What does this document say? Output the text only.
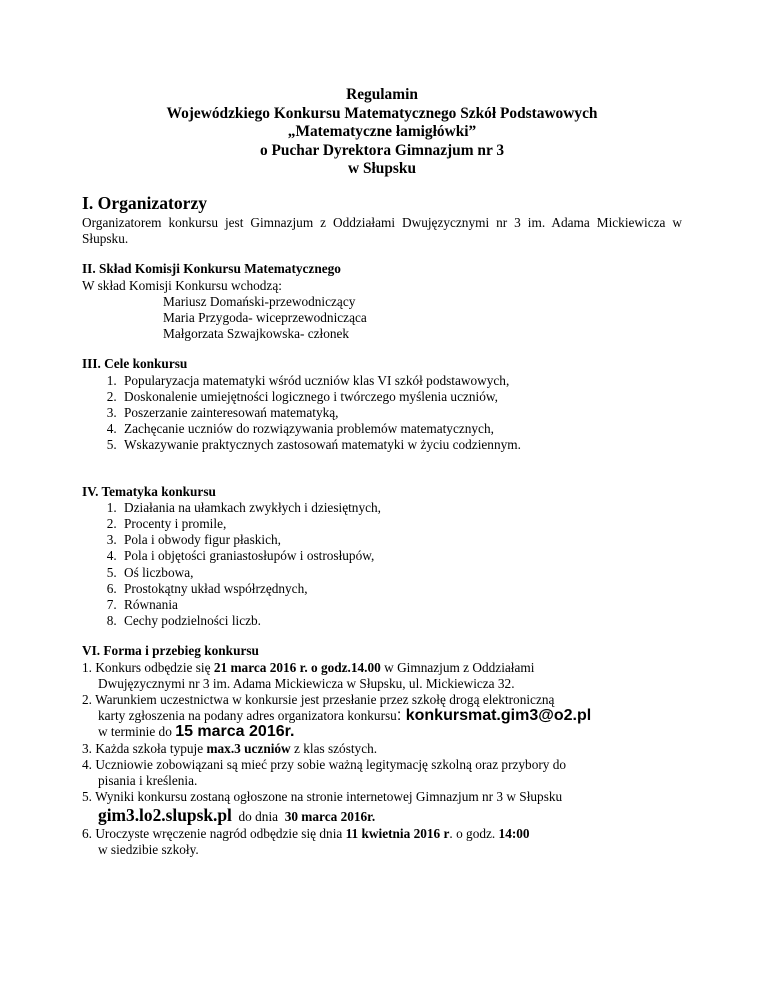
Regulamin
Wojewódzkiego Konkursu Matematycznego Szkół Podstawowych
„Matematyczne łamigłówki”
o Puchar Dyrektora Gimnazjum nr 3
w Słupsku
I. Organizatorzy

Organizatorem konkursu jest Gimnazjum z Oddziałami Dwujęzycznymi nr 3 im. Adama Mickiewicza w Słupsku.

II. Skład Komisji Konkursu Matematycznego

W skład Komisji Konkursu wchodzą:

Mariusz Domański-przewodniczący
Maria Przygoda- wiceprzewodnicząca
Małgorzata Szwajkowska- członek
III. Cele konkursu
1. Popularyzacja matematyki wśród uczniów klas VI szkół podstawowych,
2. Doskonalenie umiejętności logicznego i twórczego myślenia uczniów,
3. Poszerzanie zainteresowań matematyką,
4. Zachęcanie uczniów do rozwiązywania problemów matematycznych,
5. Wskazywanie praktycznych zastosowań matematyki w życiu codziennym.
IV. Tematyka konkursu
1. Działania na ułamkach zwykłych i dziesiętnych,
2. Procenty i promile,
3. Pola i obwody figur płaskich,
4. Pola i objętości graniastosłupów i ostrosłupów,
5. Oś liczbowa,
6. Prostokątny układ współrzędnych,
7. Równania
8. Cechy podzielności liczb.
VI. Forma i przebieg konkursu
1. Konkurs odbędzie się 21 marca 2016 r. o godz.14.00 w Gimnazjum z Oddziałami
Dwujęzycznymi nr 3 im. Adama Mickiewicza w Słupsku, ul. Mickiewicza 32.
2. Warunkiem uczestnictwa w konkursie jest przesłanie przez szkołę drogą elektroniczną
karty zgłoszenia na podany adres organizatora konkursu: konkursmat.gim3@o2.pl
w terminie do 15 marca 2016r.
3. Każda szkoła typuje max.3 uczniów z klas szóstych.
4. Uczniowie zobowiązani są mieć przy sobie ważną legitymację szkolną oraz przybory do
pisania i kreślenia.
5. Wyniki konkursu zostaną ogłoszone na stronie internetowej Gimnazjum nr 3 w Słupsku
gim3.lo2.slupsk.pl  do dnia  30 marca 2016r.
6. Uroczyste wręczenie nagród odbędzie się dnia 11 kwietnia 2016 r. o godz. 14:00
w siedzibie szkoły.
